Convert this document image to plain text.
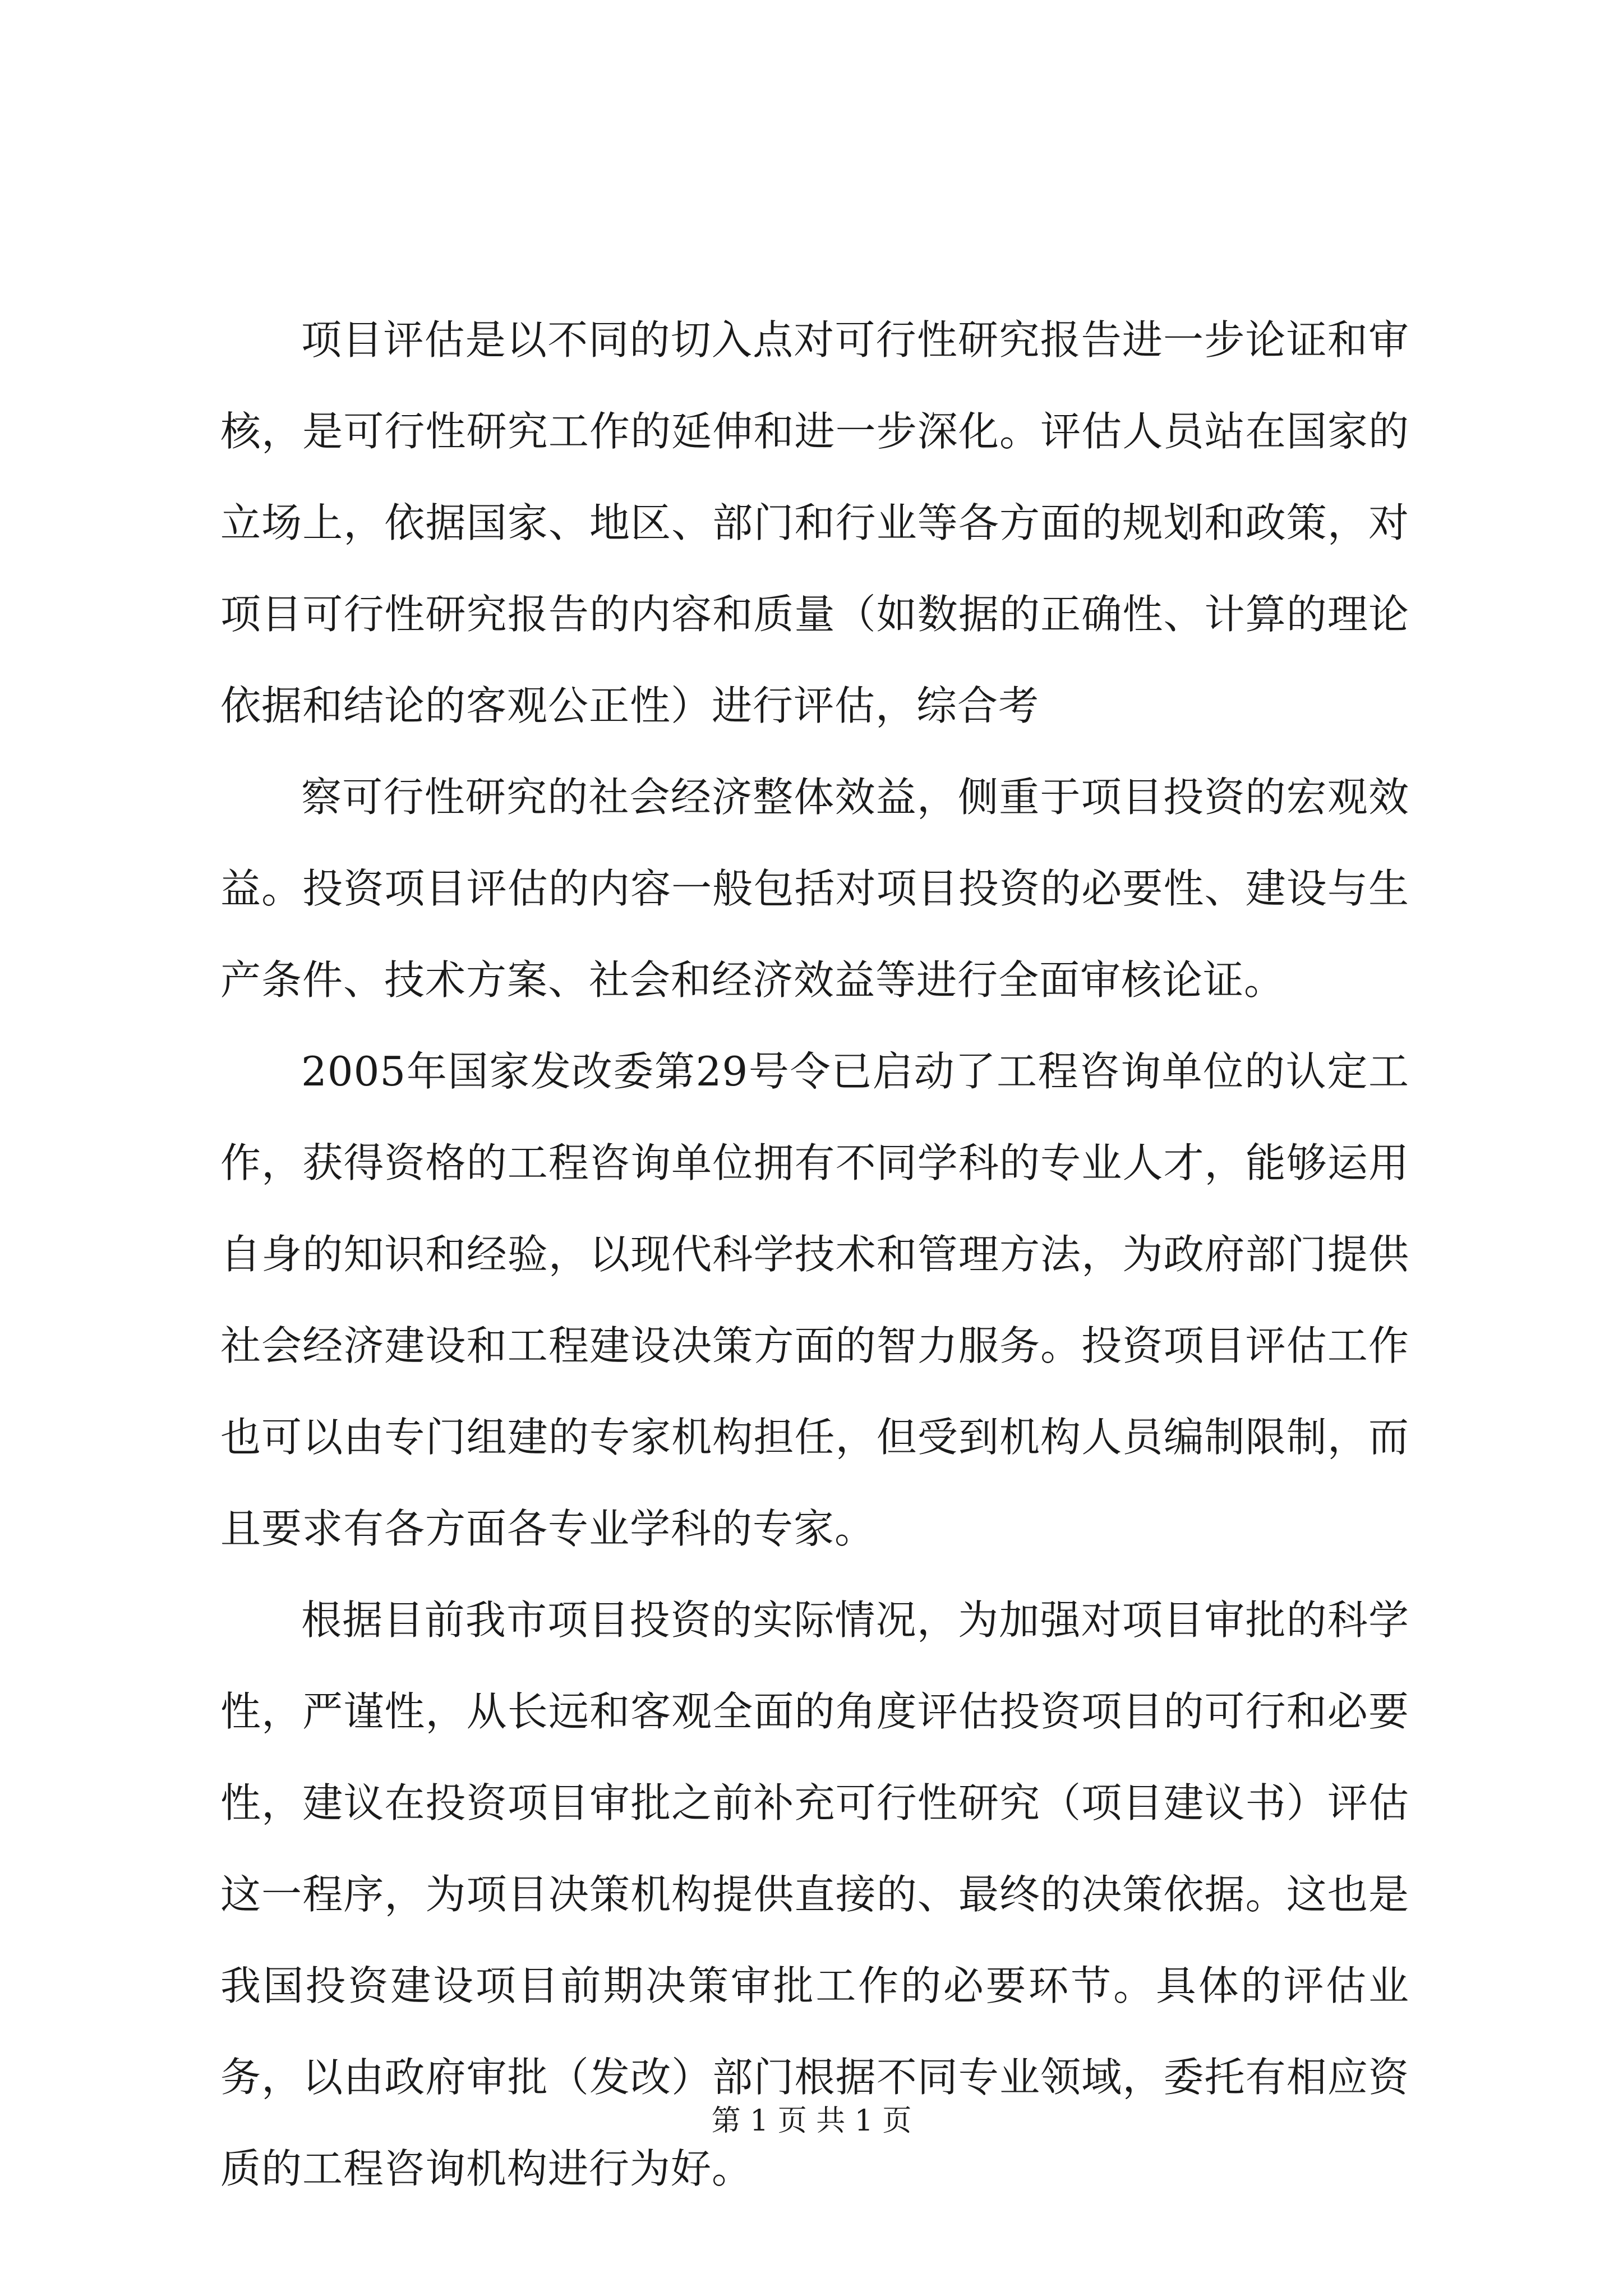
项目评估是以不同的切入点对可行性研究报告进一步论证和审核，是可行性研究工作的延伸和进一步深化。评估人员站在国家的立场上，依据国家、地区、部门和行业等各方面的规划和政策，对项目可行性研究报告的内容和质量（如数据的正确性、计算的理论依据和结论的客观公正性）进行评估，综合考

察可行性研究的社会经济整体效益，侧重于项目投资的宏观效益。投资项目评估的内容一般包括对项目投资的必要性、建设与生产条件、技术方案、社会和经济效益等进行全面审核论证。

2005年国家发改委第29号令已启动了工程咨询单位的认定工作，获得资格的工程咨询单位拥有不同学科的专业人才，能够运用自身的知识和经验，以现代科学技术和管理方法，为政府部门提供社会经济建设和工程建设决策方面的智力服务。投资项目评估工作也可以由专门组建的专家机构担任，但受到机构人员编制限制，而且要求有各方面各专业学科的专家。

根据目前我市项目投资的实际情况，为加强对项目审批的科学性，严谨性，从长远和客观全面的角度评估投资项目的可行和必要性，建议在投资项目审批之前补充可行性研究（项目建议书）评估这一程序，为项目决策机构提供直接的、最终的决策依据。这也是我国投资建设项目前期决策审批工作的必要环节。具体的评估业务，以由政府审批（发改）部门根据不同专业领域，委托有相应资质的工程咨询机构进行为好。

第 1 页 共 1 页
